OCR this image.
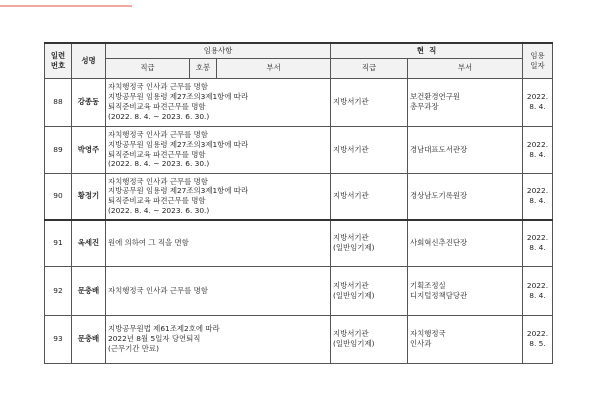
일련
번호	성명	임용사항			현  직		임용
일자

		직급	호봉	부서	직급	부서	
88	강종동	자치행정국 인사과 근무를 명함
지방공무원 임용령 제27조의3제1항에 따라
퇴직준비교육 파견근무를 명함
(2022. 8. 4. ~ 2023. 6. 30.)			지방서기관	보건환경연구원
총무과장	2022.
8. 4.

89	박영주	자치행정국 인사과 근무를 명함
지방공무원 임용령 제27조의3제1항에 따라
퇴직준비교육 파견근무를 명함
(2022. 8. 4. ~ 2023. 6. 30.)			지방서기관	경남대표도서관장	2022.
8. 4.

90	황정기	자치행정국 인사과 근무를 명함
지방공무원 임용령 제27조의3제1항에 따라
퇴직준비교육 파견근무를 명함
(2022. 8. 4. ~ 2023. 6. 30.)			지방서기관	경상남도기록원장	2022.
8. 4.

91	옥세진	원에 의하여 그 직을 면함			지방서기관
(일반임기제)	사회혁신추진단장	2022.
8. 4.

92	문충배	자치행정국 인사과 근무를 명함			지방서기관
(일반임기제)	기획조정실
디지털정책담당관	2022.
8. 4.

93	문충배	지방공무원법 제61조제2호에 따라
2022년 8월 5일자 당연퇴직
(근무기간 만료)			지방서기관
(일반임기제)	자치행정국
인사과	2022.
8. 5.
